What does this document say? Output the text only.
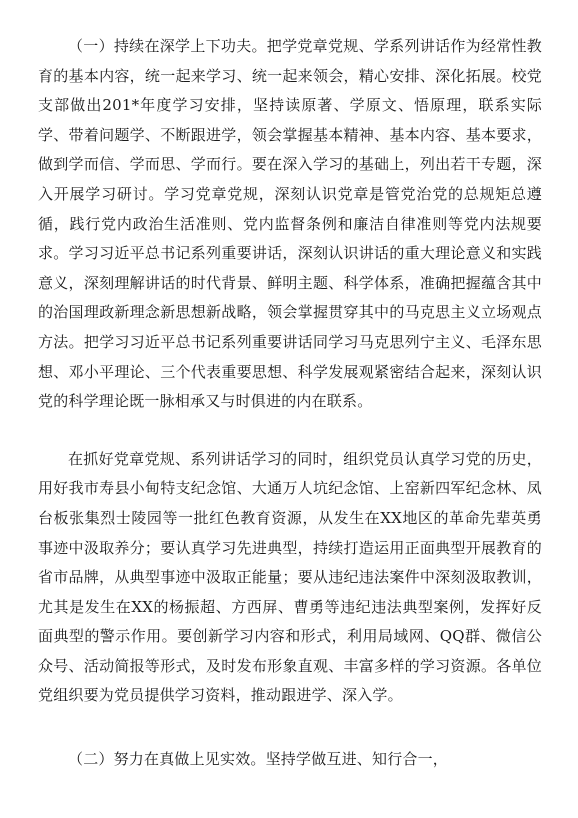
（一）持续在深学上下功夫。把学党章党规、学系列讲话作为经常性教育的基本内容，统一起来学习、统一起来领会，精心安排、深化拓展。校党支部做出201*年度学习安排，坚持读原著、学原文、悟原理，联系实际学、带着问题学、不断跟进学，领会掌握基本精神、基本内容、基本要求，做到学而信、学而思、学而行。要在深入学习的基础上，列出若干专题，深入开展学习研讨。学习党章党规，深刻认识党章是管党治党的总规矩总遵循，践行党内政治生活准则、党内监督条例和廉洁自律准则等党内法规要求。学习习近平总书记系列重要讲话，深刻认识讲话的重大理论意义和实践意义，深刻理解讲话的时代背景、鲜明主题、科学体系，准确把握蕴含其中的治国理政新理念新思想新战略，领会掌握贯穿其中的马克思主义立场观点方法。把学习习近平总书记系列重要讲话同学习马克思列宁主义、毛泽东思想、邓小平理论、三个代表重要思想、科学发展观紧密结合起来，深刻认识党的科学理论既一脉相承又与时俱进的内在联系。

在抓好党章党规、系列讲话学习的同时，组织党员认真学习党的历史，用好我市寿县小甸特支纪念馆、大通万人坑纪念馆、上窑新四军纪念林、凤台板张集烈士陵园等一批红色教育资源，从发生在XX地区的革命先辈英勇事迹中汲取养分；要认真学习先进典型，持续打造运用正面典型开展教育的省市品牌，从典型事迹中汲取正能量；要从违纪违法案件中深刻汲取教训，尤其是发生在XX的杨振超、方西屏、曹勇等违纪违法典型案例，发挥好反面典型的警示作用。要创新学习内容和形式，利用局域网、QQ群、微信公众号、活动简报等形式，及时发布形象直观、丰富多样的学习资源。各单位党组织要为党员提供学习资料，推动跟进学、深入学。

（二）努力在真做上见实效。坚持学做互进、知行合一，
